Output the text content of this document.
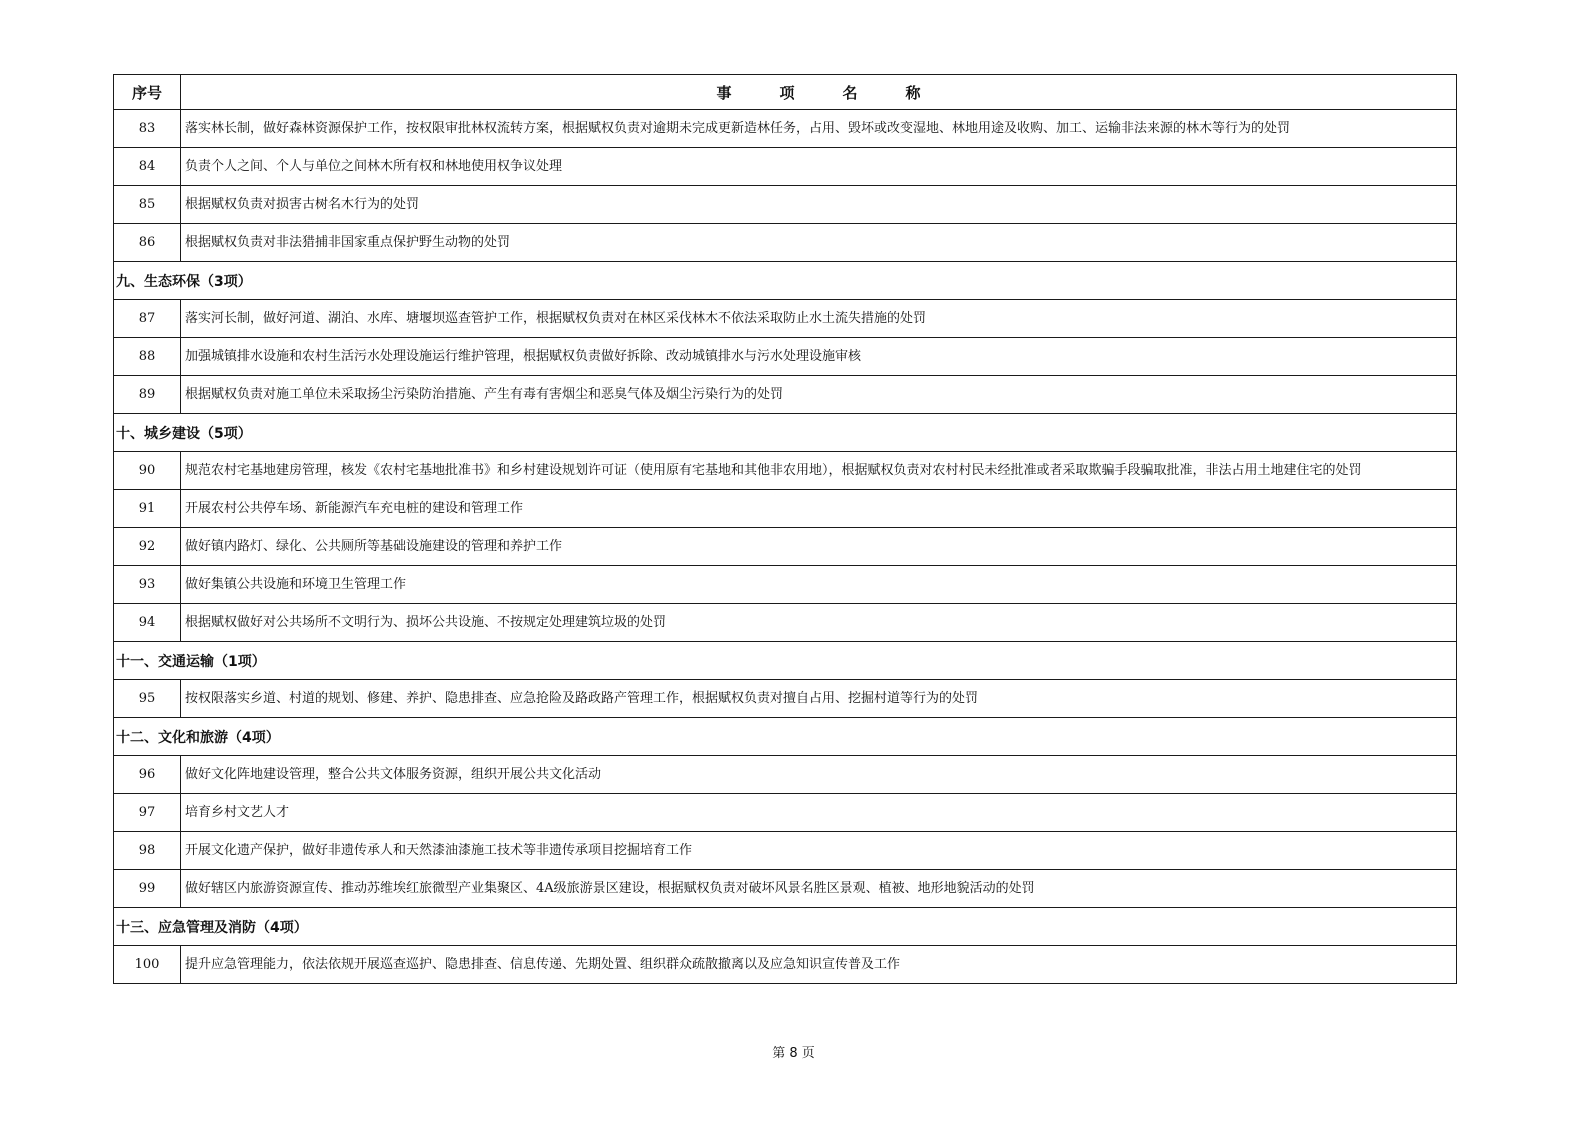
序号	事项名称
83	落实林长制，做好森林资源保护工作，按权限审批林权流转方案，根据赋权负责对逾期未完成更新造林任务，占用、毁坏或改变湿地、林地用途及收购、加工、运输非法来源的林木等行为的处罚
84	负责个人之间、个人与单位之间林木所有权和林地使用权争议处理
85	根据赋权负责对损害古树名木行为的处罚
86	根据赋权负责对非法猎捕非国家重点保护野生动物的处罚
九、生态环保（3项）	
87	落实河长制，做好河道、湖泊、水库、塘堰坝巡查管护工作，根据赋权负责对在林区采伐林木不依法采取防止水土流失措施的处罚
88	加强城镇排水设施和农村生活污水处理设施运行维护管理，根据赋权负责做好拆除、改动城镇排水与污水处理设施审核
89	根据赋权负责对施工单位未采取扬尘污染防治措施、产生有毒有害烟尘和恶臭气体及烟尘污染行为的处罚
十、城乡建设（5项）	
90	规范农村宅基地建房管理，核发《农村宅基地批准书》和乡村建设规划许可证（使用原有宅基地和其他非农用地），根据赋权负责对农村村民未经批准或者采取欺骗手段骗取批准，非法占用土地建住宅的处罚
91	开展农村公共停车场、新能源汽车充电桩的建设和管理工作
92	做好镇内路灯、绿化、公共厕所等基础设施建设的管理和养护工作
93	做好集镇公共设施和环境卫生管理工作
94	根据赋权做好对公共场所不文明行为、损坏公共设施、不按规定处理建筑垃圾的处罚
十一、交通运输（1项）	
95	按权限落实乡道、村道的规划、修建、养护、隐患排查、应急抢险及路政路产管理工作，根据赋权负责对擅自占用、挖掘村道等行为的处罚
十二、文化和旅游（4项）	
96	做好文化阵地建设管理，整合公共文体服务资源，组织开展公共文化活动
97	培育乡村文艺人才
98	开展文化遗产保护，做好非遗传承人和天然漆油漆施工技术等非遗传承项目挖掘培育工作
99	做好辖区内旅游资源宣传、推动苏维埃红旅微型产业集聚区、4A级旅游景区建设，根据赋权负责对破坏风景名胜区景观、植被、地形地貌活动的处罚
十三、应急管理及消防（4项）	
100	提升应急管理能力，依法依规开展巡查巡护、隐患排查、信息传递、先期处置、组织群众疏散撤离以及应急知识宣传普及工作
第 8 页
